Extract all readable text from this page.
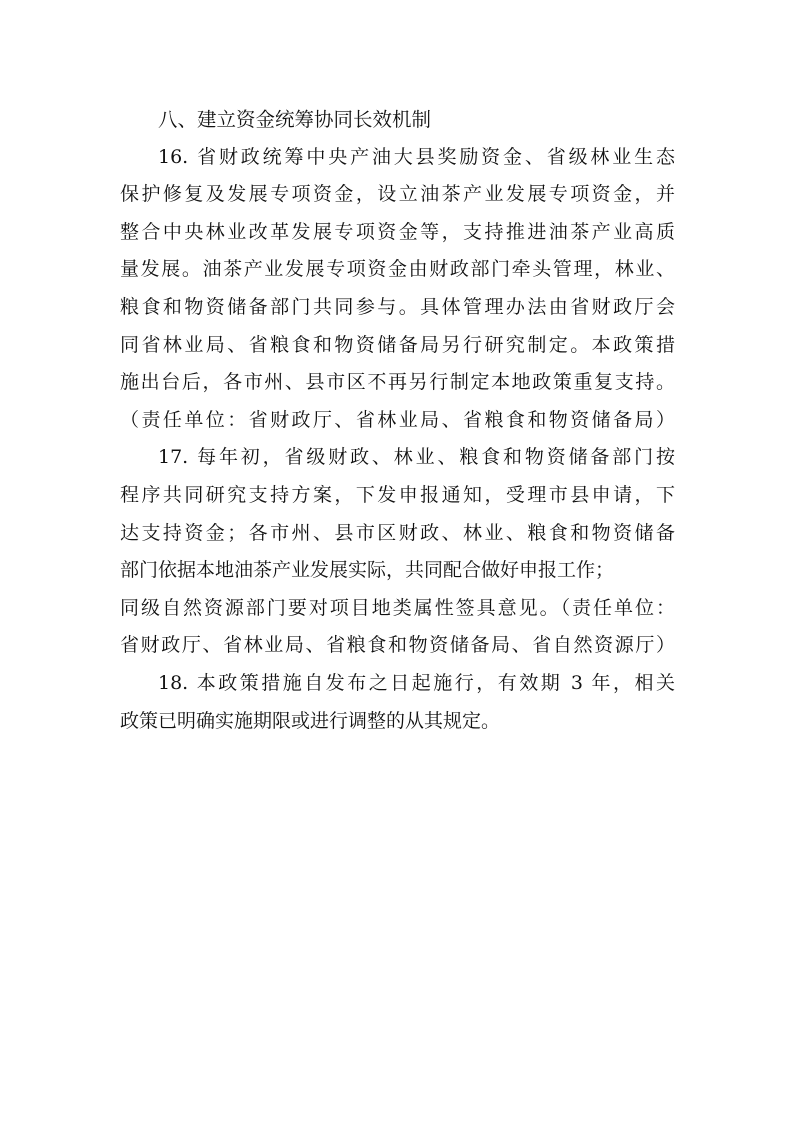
八、建立资金统筹协同长效机制
16. 省财政统筹中央产油大县奖励资金、省级林业生态
保护修复及发展专项资金，设立油茶产业发展专项资金，并
整合中央林业改革发展专项资金等，支持推进油茶产业高质
量发展。油茶产业发展专项资金由财政部门牵头管理，林业、
粮食和物资储备部门共同参与。具体管理办法由省财政厅会
同省林业局、省粮食和物资储备局另行研究制定。本政策措
施出台后，各市州、县市区不再另行制定本地政策重复支持。
（责任单位：省财政厅、省林业局、省粮食和物资储备局）
17. 每年初，省级财政、林业、粮食和物资储备部门按
程序共同研究支持方案，下发申报通知，受理市县申请，下
达支持资金；各市州、县市区财政、林业、粮食和物资储备
部门依据本地油茶产业发展实际，共同配合做好申报工作；
同级自然资源部门要对项目地类属性签具意见。（责任单位：
省财政厅、省林业局、省粮食和物资储备局、省自然资源厅）
18. 本政策措施自发布之日起施行，有效期 3 年，相关
政策已明确实施期限或进行调整的从其规定。
